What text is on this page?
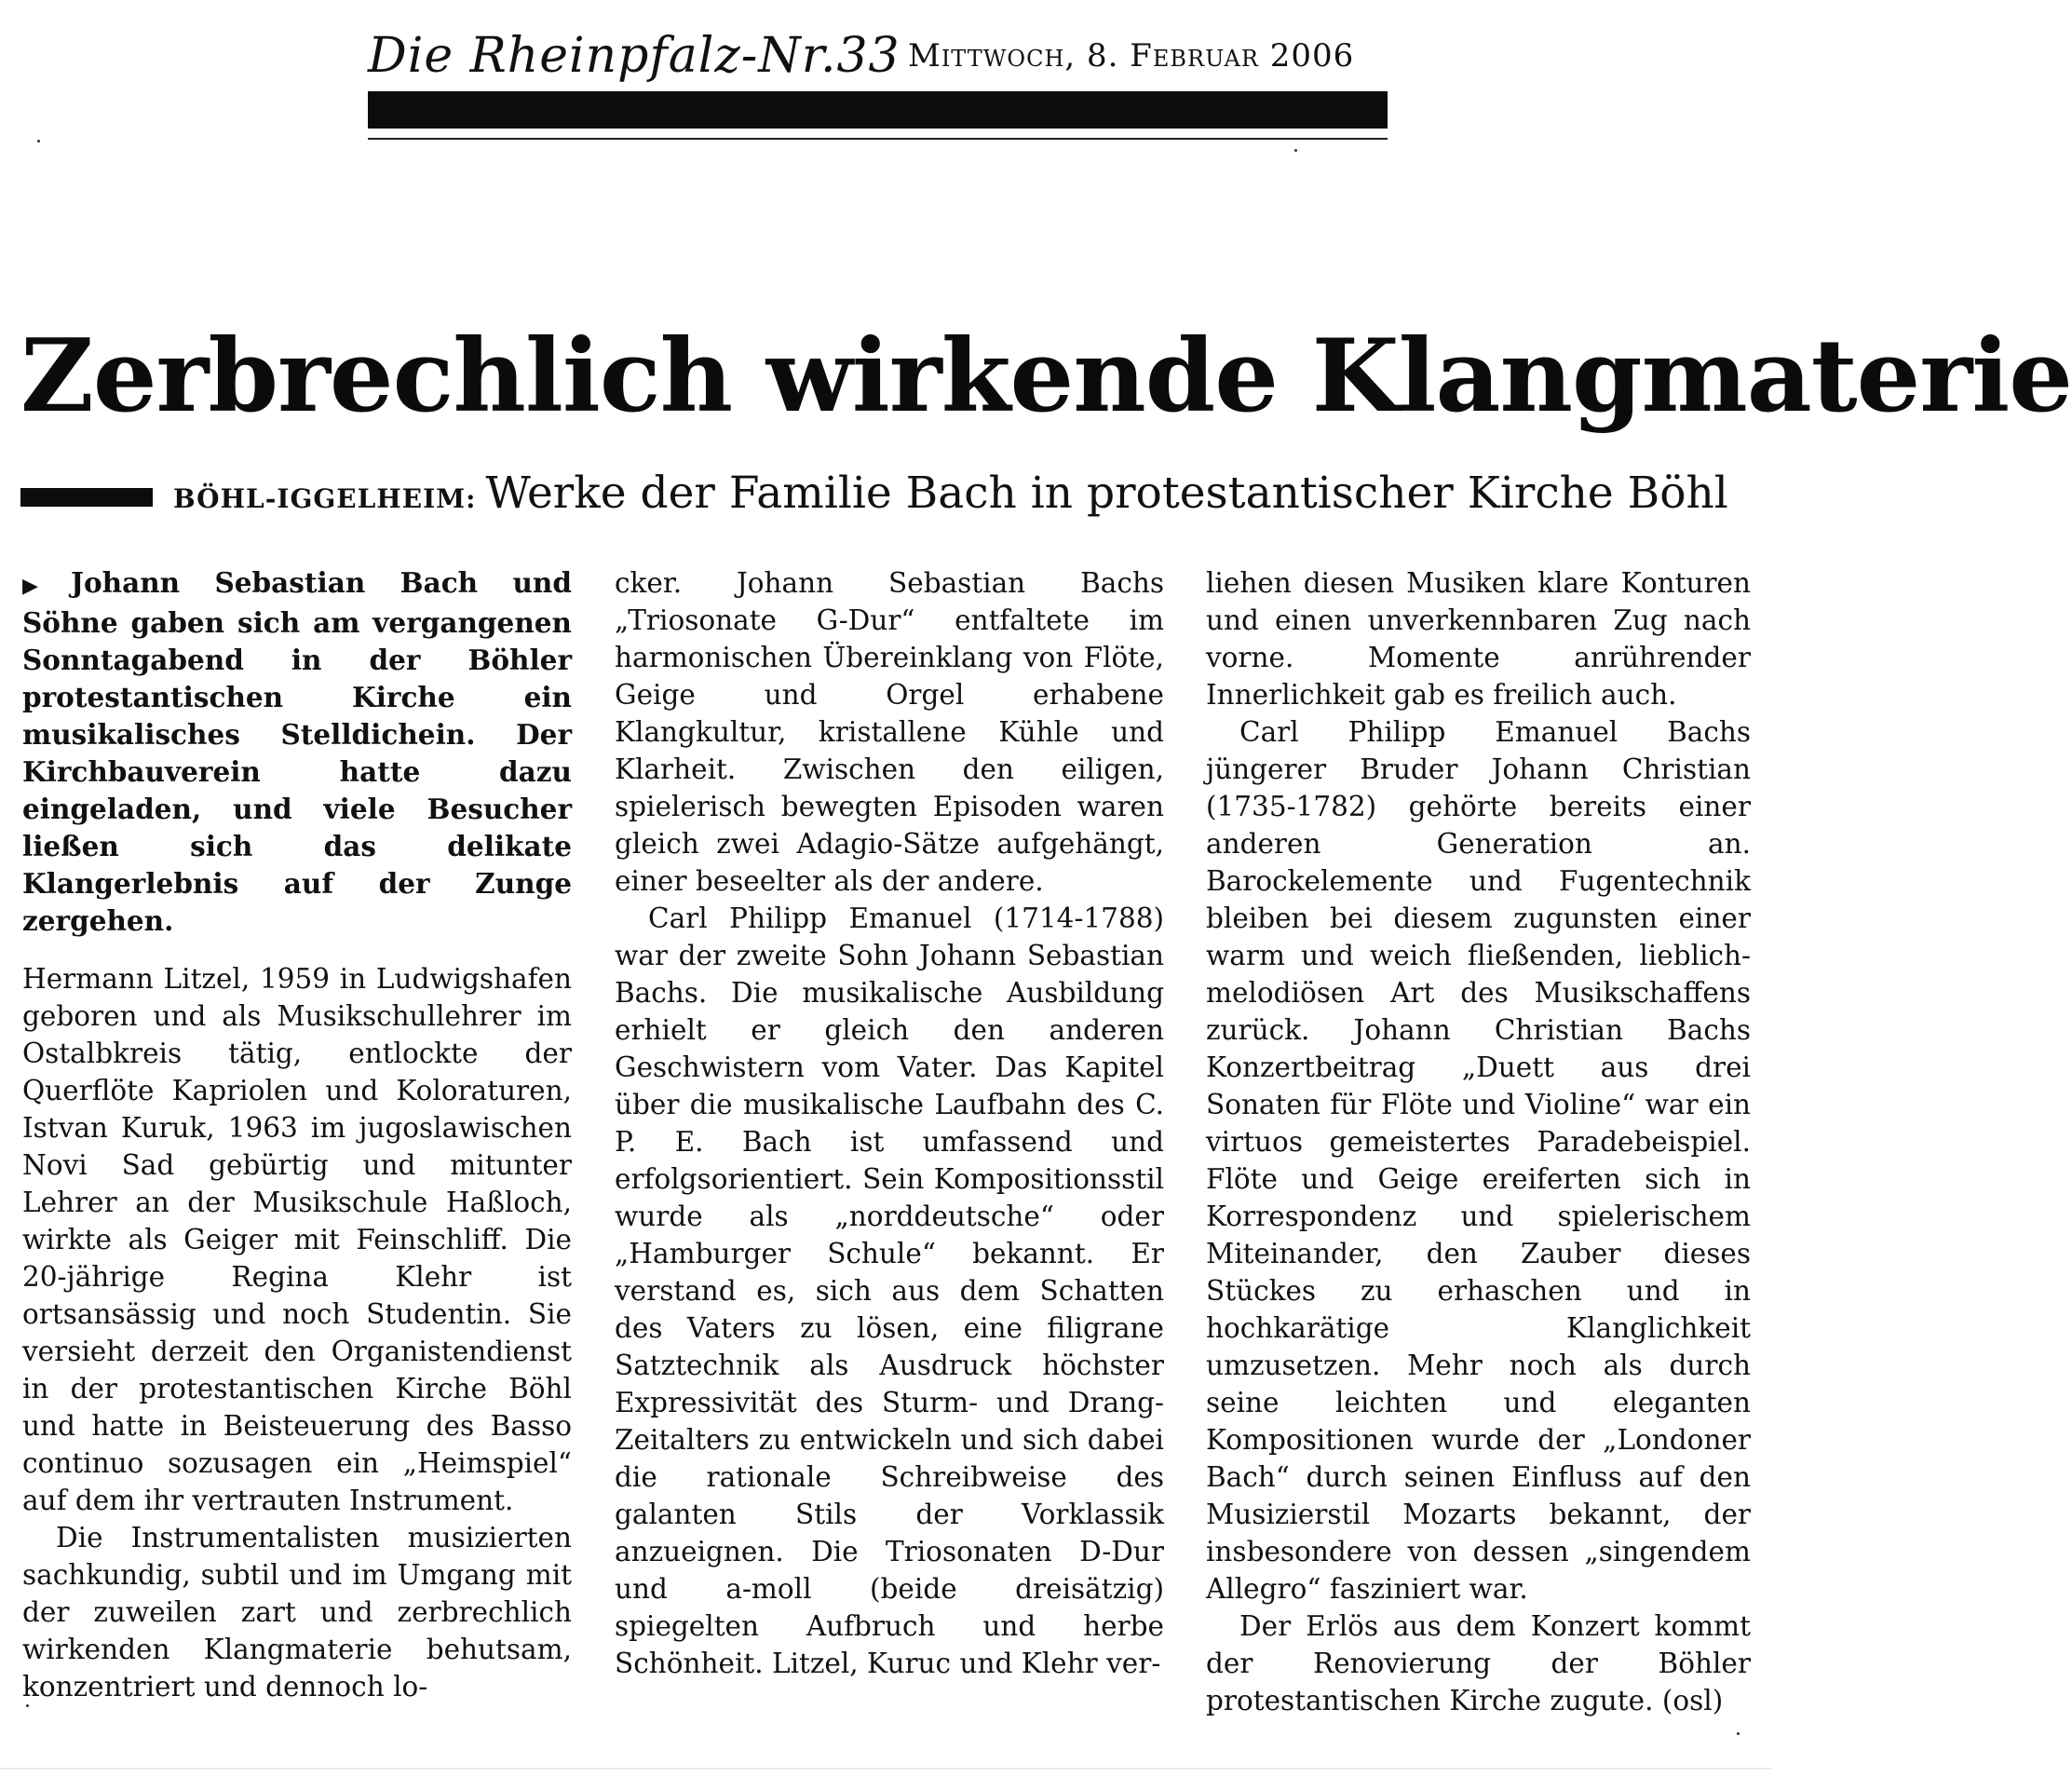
Die Rheinpfalz-Nr.33 Mittwoch, 8. Februar 2006
Zerbrechlich wirkende Klangmaterie
BÖHL-IGGELHEIM: Werke der Familie Bach in protestantischer Kirche Böhl

▶ Johann Sebastian Bach und Söhne gaben sich am vergangenen Sonntagabend in der Böhler protestantischen Kirche ein musikalisches Stelldichein. Der Kirchbauverein hatte dazu eingeladen, und viele Besucher ließen sich das delikate Klangerlebnis auf der Zunge zergehen.

Hermann Litzel, 1959 in Ludwigshafen geboren und als Musikschullehrer im Ostalbkreis tätig, entlockte der Querflöte Kapriolen und Koloraturen, Istvan Kuruk, 1963 im jugoslawischen Novi Sad gebürtig und mitunter Lehrer an der Musikschule Haßloch, wirkte als Geiger mit Feinschliff. Die 20-jährige Regina Klehr ist ortsansässig und noch Studentin. Sie versieht derzeit den Organistendienst in der protestantischen Kirche Böhl und hatte in Beisteuerung des Basso continuo sozusagen ein „Heimspiel“ auf dem ihr vertrauten Instrument.

Die Instrumentalisten musizierten sachkundig, subtil und im Umgang mit der zuweilen zart und zerbrechlich wirkenden Klangmaterie behutsam, konzentriert und dennoch lo-

cker. Johann Sebastian Bachs „Triosonate G-Dur“ entfaltete im harmonischen Übereinklang von Flöte, Geige und Orgel erhabene Klangkultur, kristallene Kühle und Klarheit. Zwischen den eiligen, spielerisch bewegten Episoden waren gleich zwei Adagio-Sätze aufgehängt, einer beseelter als der andere.

Carl Philipp Emanuel (1714-1788) war der zweite Sohn Johann Sebastian Bachs. Die musikalische Ausbildung erhielt er gleich den anderen Geschwistern vom Vater. Das Kapitel über die musikalische Laufbahn des C. P. E. Bach ist umfassend und erfolgsorientiert. Sein Kompositionsstil wurde als „norddeutsche“ oder „Hamburger Schule“ bekannt. Er verstand es, sich aus dem Schatten des Vaters zu lösen, eine filigrane Satztechnik als Ausdruck höchster Expressivität des Sturm- und Drang-Zeitalters zu entwickeln und sich dabei die rationale Schreibweise des galanten Stils der Vorklassik anzueignen. Die Triosonaten D-Dur und a-moll (beide dreisätzig) spiegelten Aufbruch und herbe Schönheit. Litzel, Kuruc und Klehr ver-

liehen diesen Musiken klare Konturen und einen unverkennbaren Zug nach vorne. Momente anrührender Innerlichkeit gab es freilich auch.

Carl Philipp Emanuel Bachs jüngerer Bruder Johann Christian (1735-1782) gehörte bereits einer anderen Generation an. Barockelemente und Fugentechnik bleiben bei diesem zugunsten einer warm und weich fließenden, lieblich-melodiösen Art des Musikschaffens zurück. Johann Christian Bachs Konzertbeitrag „Duett aus drei Sonaten für Flöte und Violine“ war ein virtuos gemeistertes Paradebeispiel. Flöte und Geige ereiferten sich in Korrespondenz und spielerischem Miteinander, den Zauber dieses Stückes zu erhaschen und in hochkarätige Klanglichkeit umzusetzen. Mehr noch als durch seine leichten und eleganten Kompositionen wurde der „Londoner Bach“ durch seinen Einfluss auf den Musizierstil Mozarts bekannt, der insbesondere von dessen „singendem Allegro“ fasziniert war.

Der Erlös aus dem Konzert kommt der Renovierung der Böhler protestantischen Kirche zugute. (osl)
